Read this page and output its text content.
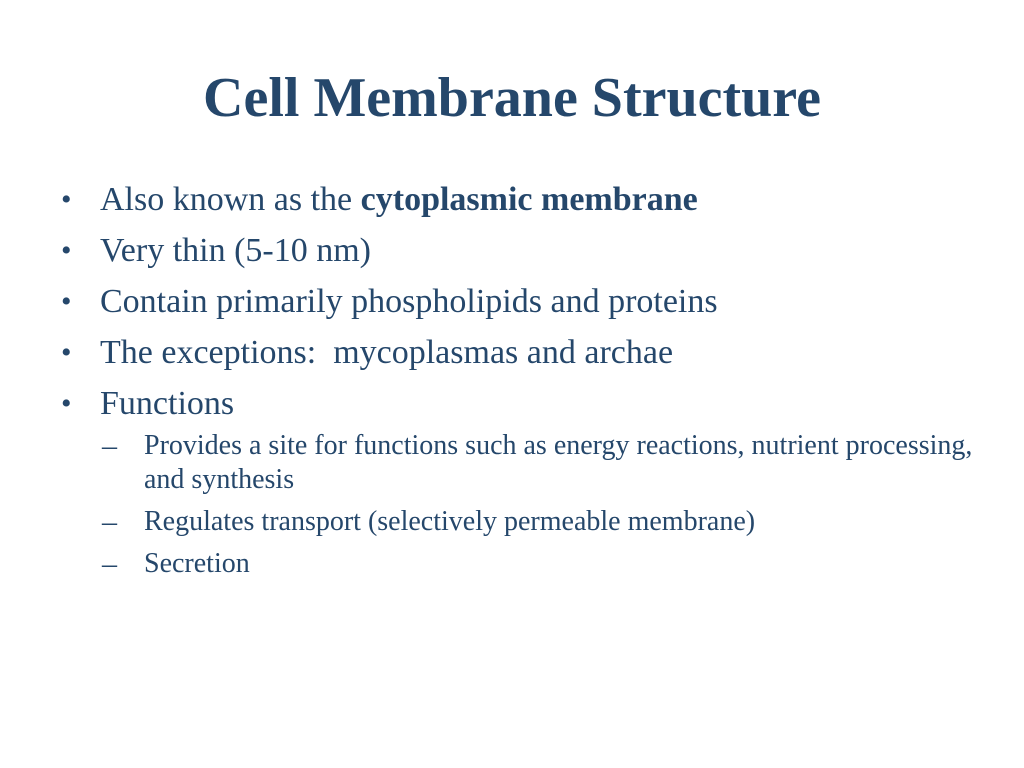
Cell Membrane Structure
• Also known as the cytoplasmic membrane
• Very thin (5-10 nm)
• Contain primarily phospholipids and proteins
• The exceptions:  mycoplasmas and archae
• Functions
– Provides a site for functions such as energy reactions, nutrient processing, and synthesis
– Regulates transport (selectively permeable membrane)
– Secretion
